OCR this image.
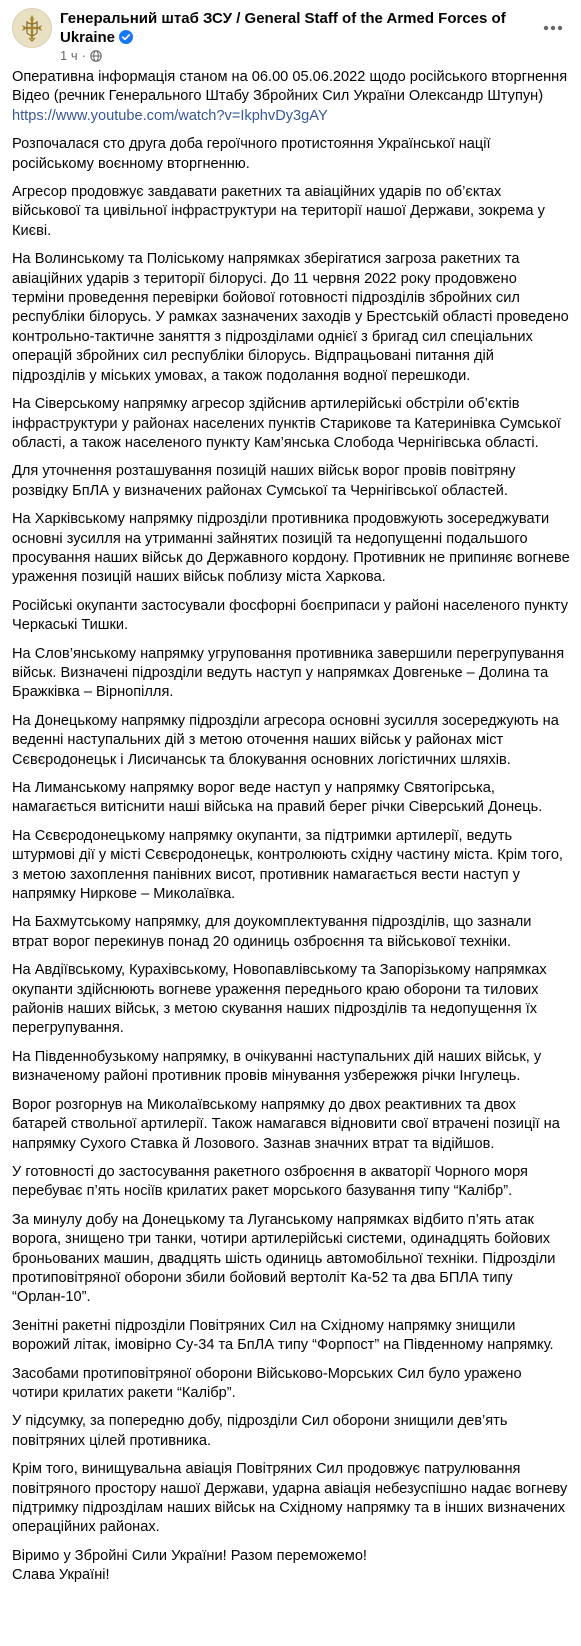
Генеральний штаб ЗСУ / General Staff of the Armed Forces of Ukraine
1 ч ·

Оперативна інформація станом на 06.00 05.06.2022 щодо російського вторгнення
Відео (речник Генерального Штабу Збройних Сил України Олександр Штупун)
https://www.youtube.com/watch?v=IkphvDy3gAY

Розпочалася сто друга доба героїчного протистояння Української нації російському воєнному вторгненню.

Агресор продовжує завдавати ракетних та авіаційних ударів по об’єктах військової та цивільної інфраструктури на території нашої Держави, зокрема у Києві.

На Волинському та Поліському напрямках зберігатися загроза ракетних та авіаційних ударів з території білорусі. До 11 червня 2022 року продовжено терміни проведення перевірки бойової готовності підрозділів збройних сил республіки білорусь. У рамках зазначених заходів у Брестській області проведено контрольно-тактичне заняття з підрозділами однієї з бригад сил спеціальних операцій збройних сил республіки білорусь. Відпрацьовані питання дій підрозділів у міських умовах, а також подолання водної перешкоди.

На Сіверському напрямку агресор здійснив артилерійські обстріли об’єктів інфраструктури у районах населених пунктів Старикове та Катеринівка Сумської області, а також населеного пункту Кам’янська Слобода Чернігівська області.

Для уточнення розташування позицій наших військ ворог провів повітряну розвідку БпЛА у визначених районах Сумської та Чернігівської областей.

На Харківському напрямку підрозділи противника продовжують зосереджувати основні зусилля на утриманні зайнятих позицій та недопущенні подальшого просування наших військ до Державного кордону. Противник не припиняє вогневе ураження позицій наших військ поблизу міста Харкова.

Російські окупанти застосували фосфорні боєприпаси у районі населеного пункту Черкаські Тишки.

На Слов’янському напрямку угруповання противника завершили перегрупування військ. Визначені підрозділи ведуть наступ у напрямках Довгеньке – Долина та Бражківка – Вірнопілля.

На Донецькому напрямку підрозділи агресора основні зусилля зосереджують на веденні наступальних дій з метою оточення наших військ у районах міст Сєвєродонецьк і Лисичанськ та блокування основних логістичних шляхів.

На Лиманському напрямку ворог веде наступ у напрямку Святогірська, намагається витіснити наші війська на правий берег річки Сіверський Донець.

На Сєвєродонецькому напрямку окупанти, за підтримки артилерії, ведуть штурмові дії у місті Сєвєродонецьк, контролюють східну частину міста. Крім того, з метою захоплення панівних висот, противник намагається вести наступ у напрямку Ниркове – Миколаївка.

На Бахмутському напрямку, для доукомплектування підрозділів, що зазнали втрат ворог перекинув понад 20 одиниць озброєння та військової техніки.

На Авдіївському, Курахівському, Новопавлівському та Запорізькому напрямках окупанти здійснюють вогневе ураження переднього краю оборони та тилових районів наших військ, з метою скування наших підрозділів та недопущення їх перегрупування.

На Південнобузькому напрямку, в очікуванні наступальних дій наших військ, у визначеному районі противник провів мінування узбережжя річки Інгулець.

Ворог розгорнув на Миколаївському напрямку до двох реактивних та двох батарей ствольної артилерії. Також намагався відновити свої втрачені позиції на напрямку Сухого Ставка й Лозового. Зазнав значних втрат та відійшов.

У готовності до застосування ракетного озброєння в акваторії Чорного моря перебуває п’ять носіїв крилатих ракет морського базування типу “Калібр”.

За минулу добу на Донецькому та Луганському напрямках відбито п’ять атак ворога, знищено три танки, чотири артилерійські системи, одинадцять бойових броньованих машин, двадцять шість одиниць автомобільної техніки. Підрозділи протиповітряної оборони збили бойовий вертоліт Ка-52 та два БПЛА типу “Орлан-10”.

Зенітні ракетні підрозділи Повітряних Сил на Східному напрямку знищили ворожий літак, імовірно Су-34 та БпЛА типу “Форпост” на Південному напрямку.

Засобами протиповітряної оборони Військово-Морських Сил було уражено чотири крилатих ракети “Калібр”.

У підсумку, за попередню добу, підрозділи Сил оборони знищили дев’ять повітряних цілей противника.

Крім того, винищувальна авіація Повітряних Сил продовжує патрулювання повітряного простору нашої Держави, ударна авіація небезуспішно надає вогневу підтримку підрозділам наших військ на Східному напрямку та в інших визначених операційних районах.

Віримо у Збройні Сили України! Разом переможемо!
Слава Україні!
